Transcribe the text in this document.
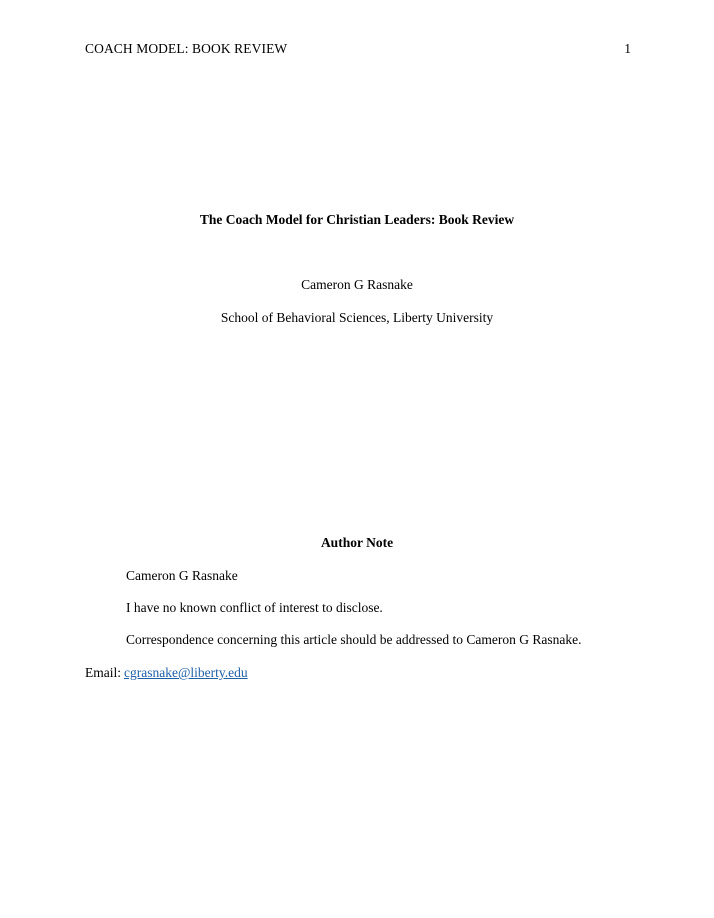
COACH MODEL: BOOK REVIEW	1
The Coach Model for Christian Leaders: Book Review
Cameron G Rasnake
School of Behavioral Sciences, Liberty University
Author Note
Cameron G Rasnake
I have no known conflict of interest to disclose.
Correspondence concerning this article should be addressed to Cameron G Rasnake.
Email: cgrasnake@liberty.edu
